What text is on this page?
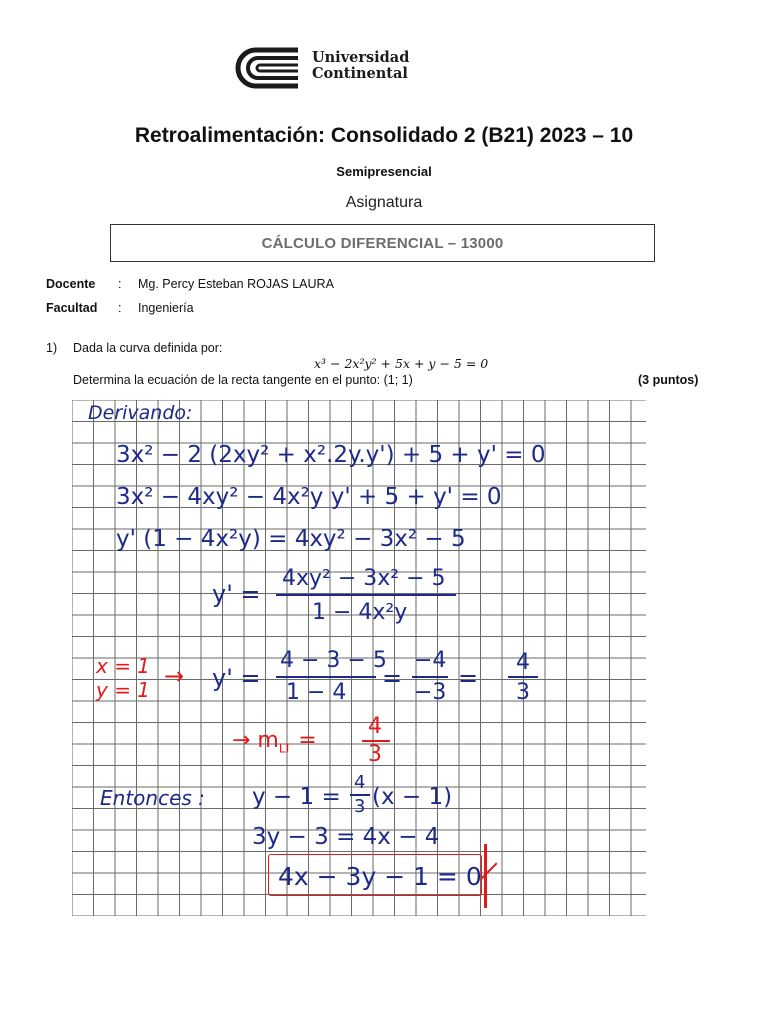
Universidad
Continental
Retroalimentación: Consolidado 2 (B21) 2023 – 10
Semipresencial
Asignatura
CÁLCULO DIFERENCIAL – 13000
Docente	: Mg. Percy Esteban ROJAS LAURA
Facultad	: Ingeniería
1) Dada la curva definida por:
x³ − 2x²y² + 5x + y − 5 = 0
Determina la ecuación de la recta tangente en el punto: (1; 1)	(3 puntos)
Derivando:
3x² − 2 (2xy² + x².2y.y') + 5 + y' = 0
3x² − 4xy² − 4x²y y' + 5 + y' = 0
y' (1 − 4x²y) = 4xy² − 3x² − 5
y' =
4xy² − 3x² − 5
1 − 4x²y
x = 1
y = 1 → y' =
4 − 3 − 5
1 − 4
=
−4
−3
=
4
3
→ $m_{LT}$ =
4
3
Entonces : y − 1 =
4
3 (x − 1)
3y − 3 = 4x − 4
4x − 3y − 1 = 0
